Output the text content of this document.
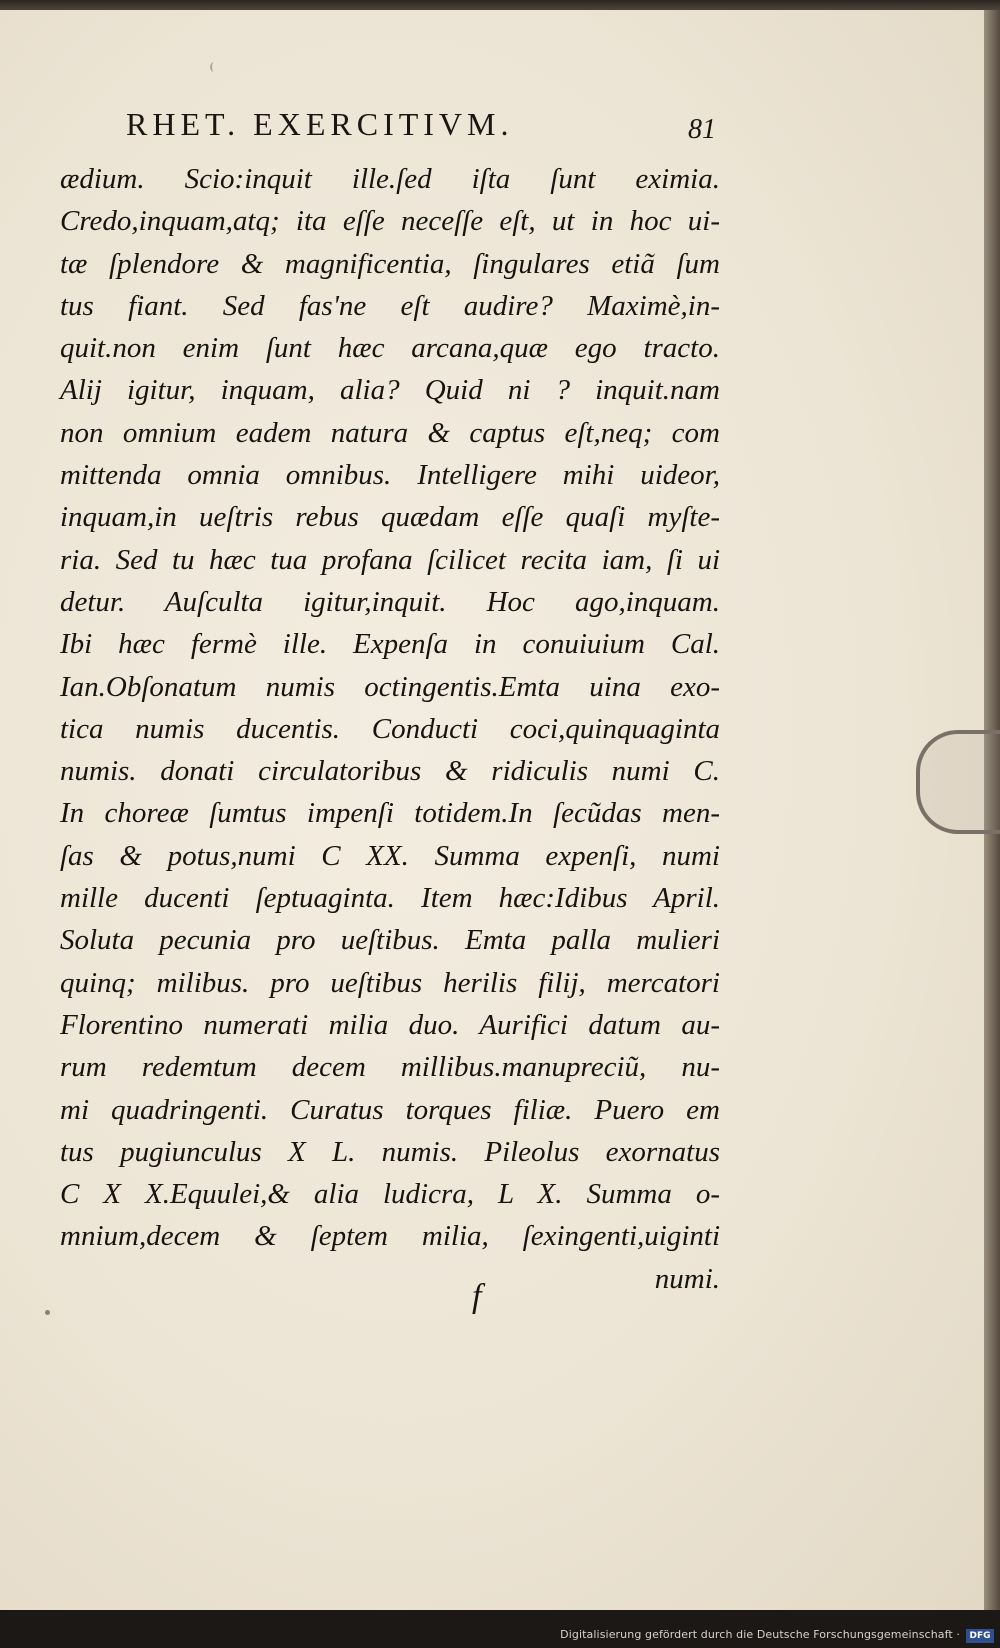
RHET. EXERCITIVM.	81
ædium. Scio:inquit ille.ſed iſta ſunt eximia.
Credo,inquam,atq; ita eſſe neceſſe eſt, ut in hoc ui-
tæ ſplendore & magnificentia, ſingulares etiã ſum
tus fiant. Sed fas'ne eſt audire? Maximè,in-
quit.non enim ſunt hæc arcana,quæ ego tracto.
Alij igitur, inquam, alia? Quid ni ? inquit.nam
non omnium eadem natura & captus eſt,neq; com
mittenda omnia omnibus. Intelligere mihi uideor,
inquam,in ueſtris rebus quædam eſſe quaſi myſte-
ria. Sed tu hæc tua profana ſcilicet recita iam, ſi ui
detur. Auſculta igitur,inquit. Hoc ago,inquam.
Ibi hæc fermè ille. Expenſa in conuiuium Cal.
Ian.Obſonatum numis octingentis.Emta uina exo-
tica numis ducentis. Conducti coci,quinquaginta
numis. donati circulatoribus & ridiculis numi C.
In choreæ ſumtus impenſi totidem.In ſecũdas men-
ſas & potus,numi C XX. Summa expenſi, numi
mille ducenti ſeptuaginta. Item hæc:Idibus April.
Soluta pecunia pro ueſtibus. Emta palla mulieri
quinq; milibus. pro ueſtibus herilis filij, mercatori
Florentino numerati milia duo. Aurifici datum au-
rum redemtum decem millibus.manupreciũ, nu-
mi quadringenti. Curatus torques filiæ. Puero em
tus pugiunculus X L. numis. Pileolus exornatus
C X X.Equulei,& alia ludicra, L X. Summa o-
mnium,decem & ſeptem milia, ſexingenti,uiginti
numi.
f
Digitalisierung gefördert durch die Deutsche Forschungsgemeinschaft ·	DFG
